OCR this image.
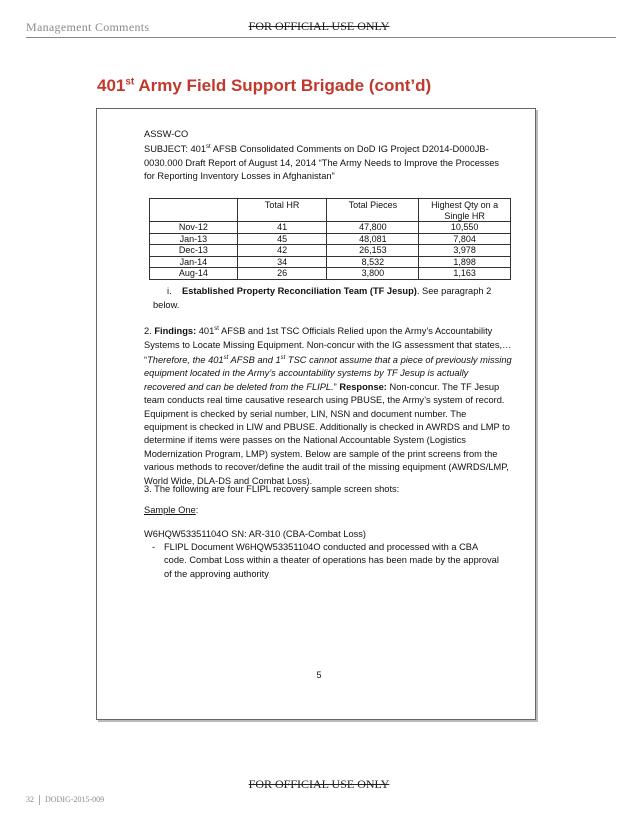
Management Comments	FOR OFFICIAL USE ONLY
401st Army Field Support Brigade (cont’d)
ASSW-CO
SUBJECT: 401st AFSB Consolidated Comments on DoD IG Project D2014-D000JB-0030.000 Draft Report of August 14, 2014 “The Army Needs to Improve the Processes for Reporting Inventory Losses in Afghanistan”
	Total HR	Total Pieces	Highest Qty on a Single HR
Nov-12	41	47,800	10,550
Jan-13	45	48,081	7,804
Dec-13	42	26,153	3,978
Jan-14	34	8,532	1,898
Aug-14	26	3,800	1,163
i. Established Property Reconciliation Team (TF Jesup). See paragraph 2 below.
2. Findings: 401st AFSB and 1st TSC Officials Relied upon the Army’s Accountability Systems to Locate Missing Equipment. Non-concur with the IG assessment that states,… “Therefore, the 401st AFSB and 1st TSC cannot assume that a piece of previously missing equipment located in the Army’s accountability systems by TF Jesup is actually recovered and can be deleted from the FLIPL.” Response: Non-concur. The TF Jesup team conducts real time causative research using PBUSE, the Army’s system of record. Equipment is checked by serial number, LIN, NSN and document number. The equipment is checked in LIW and PBUSE. Additionally is checked in AWRDS and LMP to determine if items were passes on the National Accountable System (Logistics Modernization Program, LMP) system. Below are sample of the print screens from the various methods to recover/define the audit trail of the missing equipment (AWRDS/LMP, World Wide, DLA-DS and Combat Loss).
3. The following are four FLIPL recovery sample screen shots:
Sample One:
W6HQW53351104O SN: AR-310 (CBA-Combat Loss)
- FLIPL Document W6HQW53351104O conducted and processed with a CBA code. Combat Loss within a theater of operations has been made by the approval of the approving authority
5
FOR OFFICIAL USE ONLY
32 DODIG-2015-009
